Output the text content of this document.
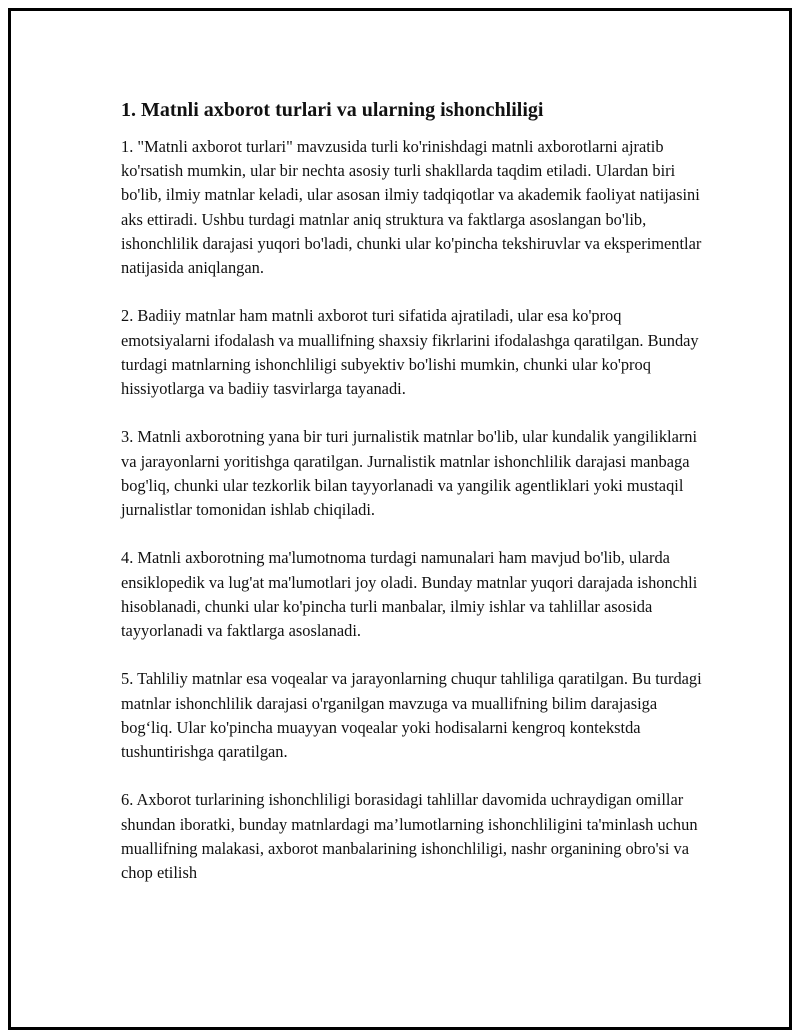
1. Matnli axborot turlari va ularning ishonchliligi

1. "Matnli axborot turlari" mavzusida turli ko'rinishdagi matnli axborotlarni ajratib ko'rsatish mumkin, ular bir nechta asosiy turli shakllarda taqdim etiladi. Ulardan biri bo'lib, ilmiy matnlar keladi, ular asosan ilmiy tadqiqotlar va akademik faoliyat natijasini aks ettiradi. Ushbu turdagi matnlar aniq struktura va faktlarga asoslangan bo'lib, ishonchlilik darajasi yuqori bo'ladi, chunki ular ko'pincha tekshiruvlar va eksperimentlar natijasida aniqlangan.

2. Badiiy matnlar ham matnli axborot turi sifatida ajratiladi, ular esa ko'proq emotsiyalarni ifodalash va muallifning shaxsiy fikrlarini ifodalashga qaratilgan. Bunday turdagi matnlarning ishonchliligi subyektiv bo'lishi mumkin, chunki ular ko'proq hissiyotlarga va badiiy tasvirlarga tayanadi.

3. Matnli axborotning yana bir turi jurnalistik matnlar bo'lib, ular kundalik yangiliklarni va jarayonlarni yoritishga qaratilgan. Jurnalistik matnlar ishonchlilik darajasi manbaga bog'liq, chunki ular tezkorlik bilan tayyorlanadi va yangilik agentliklari yoki mustaqil jurnalistlar tomonidan ishlab chiqiladi.

4. Matnli axborotning ma'lumotnoma turdagi namunalari ham mavjud bo'lib, ularda ensiklopedik va lug'at ma'lumotlari joy oladi. Bunday matnlar yuqori darajada ishonchli hisoblanadi, chunki ular ko'pincha turli manbalar, ilmiy ishlar va tahlillar asosida tayyorlanadi va faktlarga asoslanadi.

5. Tahliliy matnlar esa voqealar va jarayonlarning chuqur tahliliga qaratilgan. Bu turdagi matnlar ishonchlilik darajasi o'rganilgan mavzuga va muallifning bilim darajasiga bog‘liq. Ular ko'pincha muayyan voqealar yoki hodisalarni kengroq kontekstda tushuntirishga qaratilgan.

6. Axborot turlarining ishonchliligi borasidagi tahlillar davomida uchraydigan omillar shundan iboratki, bunday matnlardagi ma’lumotlarning ishonchliligini ta'minlash uchun muallifning malakasi, axborot manbalarining ishonchliligi, nashr organining obro'si va chop etilish
